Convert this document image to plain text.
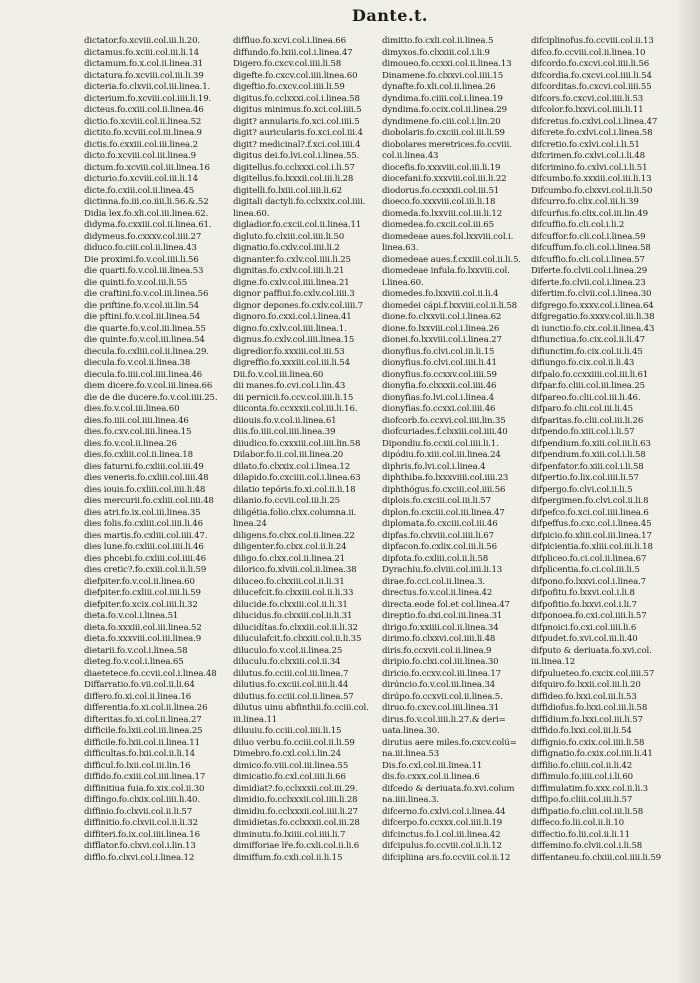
Dante.t.
dictator.fo.xcviii.col.iii.li.20.
dictamus.fo.xciii.col.iii.li.14
dictamum.fo.x.col.ii.linea.31
dictatura.fo.xcviii.col.iii.li.39
dicteria.fo.clxvii.col.iii.linea.1.
dicterium.fo.xcviii.col.iiii.li.19.
dicteus.fo.cxiii.col.ii.linea.46
dictio.fo.xcviii.col.ii.linea.52
dictito.fo.xcviii.col.iii.linea.9
dictis.fo.cxxiii.col.iii.linea.2
dicto.fo.xcviii.col.iii.linea.9
dictum.fo.xcviii.col.iii.linea.16
dicturio.fo.xcviii.col.iii.li.14
dicte.fo.cxiii.col.ii.linea.45
dictinna.fo.iii.co.iiii.li.56.&.52
Didia lex.fo.xli.col.iii.linea.62.
didyma.fo.cxxiii.col.ii.linea.61.
didymeus.fo.cxxxv.col.iiii.27
diduco.fo.ciii.col.ii.linea.43
Die proximi.fo.v.col.iiii.li.56
die quarti.fo.v.col.iii.linea.53
die quinti.fo.v.col.iii.li.55
die craftini.fo.v.col.iii.linea.56
die priftine.fo.v.col.iii.lin.54
die pftini.fo.v.col.iii.linea.54
die quarte.fo.v.col.iii.linea.55
die quinte.fo.v.col.iii.linea.54
diecula.fo.cxliii.col.ii.linea.29.
diecula.fo.v.col.ii.linea.38
diecula.fo.iiii.col.iiii.linea.46
diem dicere.fo.v.col.iii.linea.66
die de die ducere.fo.v.col.iiii.25.
dies.fo.v.col.iii.linea.60
dies.fo.iiii.col.iiii.linea.46
dies.fo.cxv.col.iiii.linea.15
dies.fo.v.col.ii.linea.26
dies.fo.cxliii.col.ii.linea.18
dies faturni.fo.cxliii.col.iii.49
dies veneris.fo.cxliii.col.iiii.48
dies iouis.fo.cxliii.col.iiii.li.48
dies mercurii.fo.cxliii.col.iiii.48
dies atri.fo.ix.col.iii.linea.35
dies folis.fo.cxliii.col.iiii.li.46
dies martis.fo.cxliii.col.iiii.47.
dies lune.fo.cxliii.col.iiii.li.46
dies phcebi.fo.cxliii.col.iiii.46
dies cretic?.fo.cxiii.col.ii.li.59
diefpiter.fo.v.col.ii.linea.60
diefpiter.fo.cxliii.col.iiii.li.59
diefpiter.fo.xcix.col.iiii.li.32
dieta.fo.v.col.i.linea.51
dieta.fo.xxxiii.col.iii.linea.52
dieta.fo.xxxviii.col.iii.linea.9
dietarii.fo.v.col.i.linea.58
dieteg.fo.v.col.i.linea.65
diaetetece.fo.ccvii.col.i.linea.48
Diffarratio.fo.vii.col.ii.li.64
differo.fo.xi.col.ii.linea.16
differentia.fo.xi.col.ii.linea.26
difteritas.fo.xi.col.ii.linea.27
difficile.fo.lxii.col.iii.linea.25
difficile.fo.lxii.col.ii.linea.11
difficultas.fo.lxii.col.ii.li.14
difficul.fo.lxii.col.iii.lin.16
diffido.fo.cxiii.col.iiii.linea.17
diffinitiua fuia.fo.xix.col.ii.30
diffingo.fo.clxix.col.iiii.li.40.
diffinio.fo.clxvii.col.ii.li.57
diffinitio.fo.clxvii.col.ii.li.32
diffiteri.fo.ix.col.iiii.linea.16
difflator.fo.clxvi.col.i.lin.13
difflo.fo.clxvi.col.i.linea.12
diffluo.fo.xcvi.col.i.linea.66
diffundo.fo.lxiii.col.i.linea.47
Digero.fo.cxcv.col.iiii.li.58
digefte.fo.cxcv.col.iiii.linea.60
digeftio.fo.cxcv.col.iiii.li.59
digitus.fo.cclxxxi.col.i.linea.58
digitus minimus.fo.xci.col.iiii.5
digit? annularis.fo.xci.col.iiii.5
digit? auricularis.fo.xci.col.iii.4
digit? medicinal?.f.xci.col.iiii.4
digitus dei.fo.lvi.col.i.linea.55.
digitellus.fo.cclxxxi.col.i.li.57
digitellus.fo.lxxxii.col.iii.li.28
digitelli.fo.lxiii.col.iiii.li.62
digitali dactyli.fo.cclxxix.col.iiii.
linea.60.
digladior.fo.cxcii.col.ii.linea.11
digluto.fo.clxiii.col.iiii.li.50
dignatio.fo.cxlv.col.iiii.li.2
dignanter.fo.cxlv.col.iiii.li.25
dignitas.fo.cxlv.col.iiii.li.21
digne.fo.cxlv.col.iiii.linea.21
dignor paffiui.fo.cxlv.col.iiii.3
dignor depones.fo.cxlv.col.iiii.7
dignoro.fo.cxxi.col.i.linea.41
digno.fo.cxlv.col.iiii.linea.1.
dignus.fo.cxlv.col.iiii.linea.15
digredior.fo.xxxiii.col.iii.53
digreffio.fo.xxxiii.col.iii.li.54
Dii.fo.v.col.iii.linea.60
dii manes.fo.cvi.col.i.lin.43
dii pernicii.fo.ccv.col.iiii.li.15
diiconta.fo.ccxxxii.col.iii.li.16.
diiouis.fo.v.col.ii.linea.61
diis.fo.iiii.col.iiii.linea.39
diiudico.fo.cxxxiii.col.iiii.lin.58
Dilabor.fo.ii.col.iii.linea.20
dilato.fo.clxxix.col.i.linea.12
dilapido.fo.cxciiii.col.i.linea.63
dilatio tepóris.fo.xi.col.ii.li.18
dilanio.fo.ccvii.col.iii.li.25
diligétia.folio.clxx.columna.ii.
linea.24
diligens.fo.clxx.col.ii.linea.22
diligenter.fo.clxx.col.ii.li.24
diligo.fo.clxx.col.ii.linea.21
dilorico.fo.xlviii.col.ii.linea.38
diluceo.fo.clxxiii.col.ii.li.31
dilucefcit.fo.clxxiii.col.ii.li.33
dilucide.fo.clxxiii.col.ii.li.31
dilucidus.fo.clxxiii.col.ii.li.31
dilucidítas.fo.clxxiii.col.ii.li.32
diluculafcit.fo.clxxiii.col.ii.li.35
diluculo.fo.v.col.ii.linea.25
diluculu.fo.clxxiii.col.ii.34
dilutus.fo.cciii.col.iii.linea.7
dilutius.fo.cxciii.col.iiii.li.44
dilutius.fo.cciii.col.ii.linea.57
dilutus uinu abfinthii.fo.cciii.col.
iii.linea.11
diluuiu.fo.cciii.col.iiii.li.15
diluo verbu.fo.cciii.col.ii.li.59
Dimebro.fo.cxl.col.i.lin.24
dimico.fo.viii.col.iii.linea.55
dimicatio.fo.cxl.col.iiii.li.66
dimidiat?.fo.cclxxxii.col.iii.29.
dimidio.fo.cclxxxii.col.iiii.li.28
dimidiu.fo.cclxxxii.col.iiii.li.27
dimidietas.fo.cclxxxii.col.iii.28
diminutu.fo.lxiiii.col.iiii.li.7
dimifforiae lře.fo.cxli.col.ii.li.6
dimiffum.fo.cxli.col.ii.li.15
dimitto.fo.cxli.col.ii.linea.5
dimyxos.fo.clxxiii.col.i.li.9
dimoueo.fo.ccxxi.col.ii.linea.13
Dinamene.fo.clxxvi.col.iiii.15
dynafte.fo.xli.col.ii.linea.26
dyndima.fo.ciiii.col.i.linea.19
dyndima.fo.ccix.col.ii.linea.29
dyndimene.fo.ciii.col.i.lin.20
diobolaris.fo.cxciii.col.iii.li.59
diobolares meretrices.fo.ccviii.
col.ii.linea.43
diocefis.fo.xxxviii.col.iii.li.19
diocefani.fo.xxxviii.col.iii.li.22
diodorus.fo.ccxxxii.col.iii.51
dioeco.fo.xxxviii.col.iii.li.18
diomeda.fo.lxxviii.col.iii.li.12
diomedea.fo.cxcii.col.iii.65
diomedeae aues.fol.lxxviii.col.i.
linea.63.
diomedeae aues.f.cxxiii.col.ii.li.5.
diomedeae infula.fo.lxxviii.col.
i.linea.60.
diomedes.fo.lxxviii.col.ii.li.4
diomedei cápi.f.lxxviii.col.ii.li.58
dione.fo.clxxvii.col.i.linea.62
dione.fo.lxxviii.col.i.linea.26
dionei.fo.lxxviii.col.i.linea.27
dionyfius.fo.clvi.col.iii.li.15
dionyfius.fo.clvi.col.iiii.li.41
dionyfius.fo.ccxxv.col.iiii.59
dionyfia.fo.clxxxii.col.iiii.46
dionyfias.fo.lvi.col.i.linea.4
dionyfias.fo.ccxxi.col.iiii.46
diofcorb.fo.ccxvi.col.iiii.lin.35
diofcuriades.f.clxxiii.col.iiii.40
Dipondiu.fo.ccxii.col.iiii.li.1.
dipódiu.fo.xiii.col.iii.linea.24
diphris.fo.lvi.col.i.linea.4
diphthiba.fo.lxxxviiii.col.iiii.23
diphthógus.fo.cxciii.col.iiii.56
diplois.fo.cxciii.col.iii.li.57
diplon.fo.cxciii.col.iii.linea.47
diplomata.fo.cxciii.col.iii.46
dipfas.fo.clxviii.col.iiii.li.67
dipfacon.fo.cxlix.col.iii.li.56
dipfota.fo.cxliii.col.ii.li.58
Dyrachiu.fo.clviii.col.iiii.li.13
dirae.fo.cci.col.ii.linea.3.
directus.fo.v.col.ii.linea.42
directa.eode fol.et col.linea.47
direptio.fo.dxi.col.iii.linea.31
dirigo.fo.xxiiii.col.ii.linea.34
dirimo.fo.clxxvi.col.iiii.li.48
diris.fo.ccxvii.col.ii.linea.9
diripio.fo.clxi.col.iii.linea.30
diricio.fo.ccxv.col.iii.linea.17
dirúncio.fo.v.col.iii.linea.34
dirúpo.fo.ccxvii.col.ii.linea.5.
diruo.fo.cxcv.col.iiii.linea.31
dirus.fo.v.col.iiii.li.27.& deri=
uata.linea.30.
dirutus aere miles.fo.cxcv.colú=
na.iii.linea.53
Dis.fo.cxl.col.iii.linea.11
dis.fo.cxxx.col.ii.linea.6
difcedo & deriuata.fo.xvi.colum
na.iiii.linea.3.
difcerno.fo.cxlvi.col.i.linea.44
difcerpo.fo.ccxxx.col.iiii.li.19
difcinctus.fo.l.col.iii.linea.42
difcipulus.fo.ccviii.col.ii.li.12
difcipliina ars.fo.ccviii.col.ii.12
difciplinofus.fo.ccviii.col.ii.13
difco.fo.ccviii.col.ii.linea.10
difcordo.fo.cxcvi.col.iiii.li.56
difcordia.fo.cxcvi.col.iiii.li.54
difcorditas.fo.cxcvi.col.iiii.55
difcors.fo.cxcvi.col.iiii.li.53
difcolor.fo.lxxvi.col.iiii.li.11
difcretus.fo.cxlvi.col.i.linea.47
difcrete.fo.cxlvi.col.i.linea.58
difcretio.fo.cxlvi.col.i.li.51
difcrimen.fo.cxlvi.col.i.li.48
difcrimino.fo.cxlvi.col.i.li.51
difcumbo.fo.xxxiii.col.iii.li.13
Difcumbo.fo.clxxvi.col.ii.li.50
difcurro.fo.clix.col.iii.li.39
difcurfus.fo.clix.col.iii.lin.49
difcuffio.fo.cli.col.i.li.2
difcuffor.fo.cli.col.i.linea.59
difcuffum.fo.cli.col.i.linea.58
difcuffio.fo.cli.col.i.linea.57
Diferte.fo.clvii.col.i.linea.29
diferte.fo.clvii.col.i.linea.23
difertim.fo.clvii.col.i.linea.30
difgrego.fo.xxxv.col.i.linea.64
difgregatio.fo.xxxv.col.iii.li.38
di iunctio.fo.cix.col.ii.linea.43
difiunctiua.fo.cix.col.ii.li.47
difiunctim.fo.cix.col.ii.li.45
difiungo.fo.cix.col.ii.li.43
difpalo.fo.ccxxiiii.col.iii.li.61
difpar.fo.cliii.col.iii.linea.25
difpareo.fo.clii.col.iii.li.46.
difparo.fo.clii.col.iii.li.45
difparitas.fo.clii.col.iii.li.26
difpendo.fo.xiii.col.i.li.57
difpendium.fo.xiii.col.iii.li.63
difpendium.fo.xiii.col.i.li.58
difpenfator.fo.xiii.col.i.li.58
difpertio.fo.lix.col.iiii.li.57
difpergo.fo.clvi.col.ii.li.5
difpergimen.fo.clvi.col.ii.li.8
difpefco.fo.xci.col.iiii.linea.6
difpeffus.fo.cxc.col.i.linea.45
difpicio.fo.xliii.col.iii.linea.17
difpicientia.fo.xliii.col.iii.li.18
difpliceo.fo.ci.col.ii.linea.67
difplicentia.fo.ci.col.iii.li.5
difpono.fo.lxxvi.col.i.linea.7
difpofitu.fo.lxxvi.col.i.li.8
difpofitio.fo.lxxvi.col.i.li.7
difponoea.fo.cxi.col.iiii.li.57
difpnoici.fo.cxi.col.iiii.li.6
difpudet.fo.xvi.col.iii.li.40
difputo & deriuata.fo.xvi.col.
iii.linea.12
difpulueteo.fo.cxcix.col.iiii.57
difquiro.fo.lxxii.col.iii.li.20
diffideo.fo.lxxi.col.iii.li.53
diffidiofus.fo.lxxi.col.iii.li.58
diffidium.fo.lxxi.col.iii.li.57
diffido.fo.lxxi.col.iii.li.54
diffignio.fo.cxix.col.iiii.li.58
diffignatio.fo.cxix.col.iiii.li.41
diffilio.fo.cliiii.col.ii.li.42
diffimulo.fo.iiii.col.i.li.60
diffimulatim.fo.xxx.col.ii.li.3
diffipo.fo.cliii.col.iii.li.57
diffipatio.fo.cliii.col.iii.li.58
diffeco.fo.lii.col.ii.li.10
diffectio.fo.lii.col.ii.li.11
diffemino.fo.clvii.col.i.li.58
diffentaneu.fo.clxiii.col.iiii.li.59
